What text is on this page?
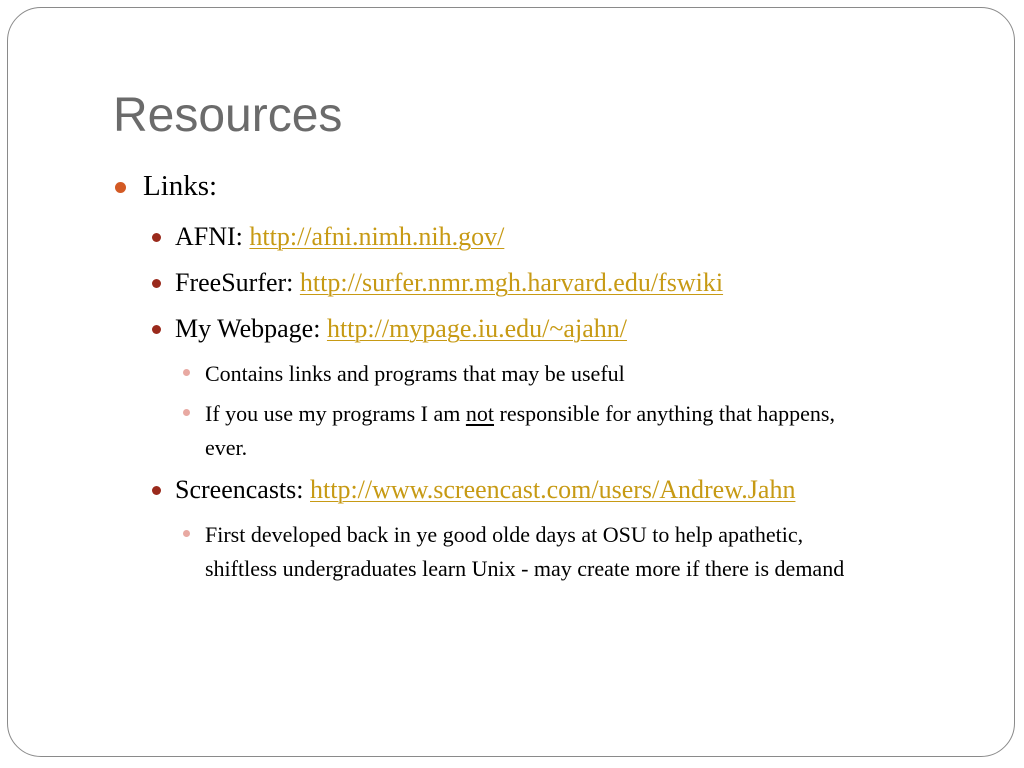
Resources
Links:
AFNI: http://afni.nimh.nih.gov/
FreeSurfer: http://surfer.nmr.mgh.harvard.edu/fswiki
My Webpage: http://mypage.iu.edu/~ajahn/
Contains links and programs that may be useful
If you use my programs I am not responsible for anything that happens,
ever.
Screencasts: http://www.screencast.com/users/Andrew.Jahn
First developed back in ye good olde days at OSU to help apathetic,
shiftless undergraduates learn Unix - may create more if there is demand
